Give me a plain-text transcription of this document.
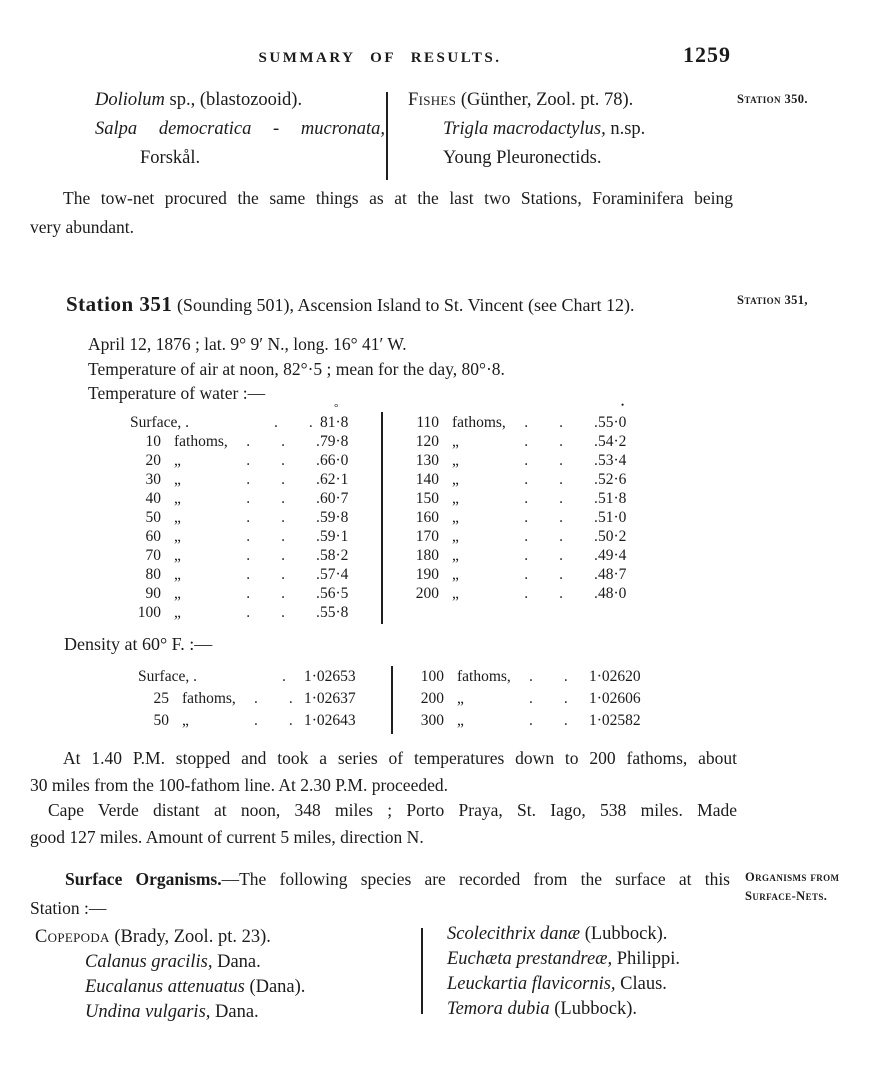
SUMMARY OF RESULTS.	1259
Doliolum sp., (blastozooid).
Salpa democratica - mucronata,
Forskål.
Fishes (Günther, Zool. pt. 78).
Trigla macrodactylus, n.sp.
Young Pleuronectids.
Station 350.
The tow-net procured the same things as at the last two Stations, Foraminifera being
very abundant.
Station 351 (Sounding 501), Ascension Island to St. Vincent (see Chart 12).	Station 351,
April 12, 1876 ; lat. 9° 9′ N., long. 16° 41′ W.
Temperature of air at noon, 82°·5 ; mean for the day, 80°·8.
Temperature of water :—
°	•
Surface, . .	81·8
10 fathoms, .	79·8
20 „ .	66·0
30 „ .	62·1
40 „ .	60·7
50 „ .	59·8
60 „ .	59·1
70 „ .	58·2
80 „ .	57·4
90 „ .	56·5
100 „ .	55·8
110 fathoms, .	55·0
120 „ .	54·2
130 „ .	53·4
140 „ .	52·6
150 „ .	51·8
160 „ .	51·0
170 „ .	50·2
180 „ .	49·4
190 „ .	48·7
200 „ .	48·0
Density at 60° F. :—
Surface, . .	1·02653
25 fathoms, .	1·02637
50 „ .	1·02643
100 fathoms, .	1·02620
200 „ .	1·02606
300 „ .	1·02582
At 1.40 P.M. stopped and took a series of temperatures down to 200 fathoms, about
30 miles from the 100-fathom line. At 2.30 P.M. proceeded.
Cape Verde distant at noon, 348 miles ; Porto Praya, St. Iago, 538 miles. Made
good 127 miles. Amount of current 5 miles, direction N.
Surface Organisms.—The following species are recorded from the surface at this
Station :—
Organisms from
Surface-Nets.
Copepoda (Brady, Zool. pt. 23).
Calanus gracilis, Dana.
Eucalanus attenuatus (Dana).
Undina vulgaris, Dana.
Scolecithrix danæ (Lubbock).
Euchæta prestandreæ, Philippi.
Leuckartia flavicornis, Claus.
Temora dubia (Lubbock).
